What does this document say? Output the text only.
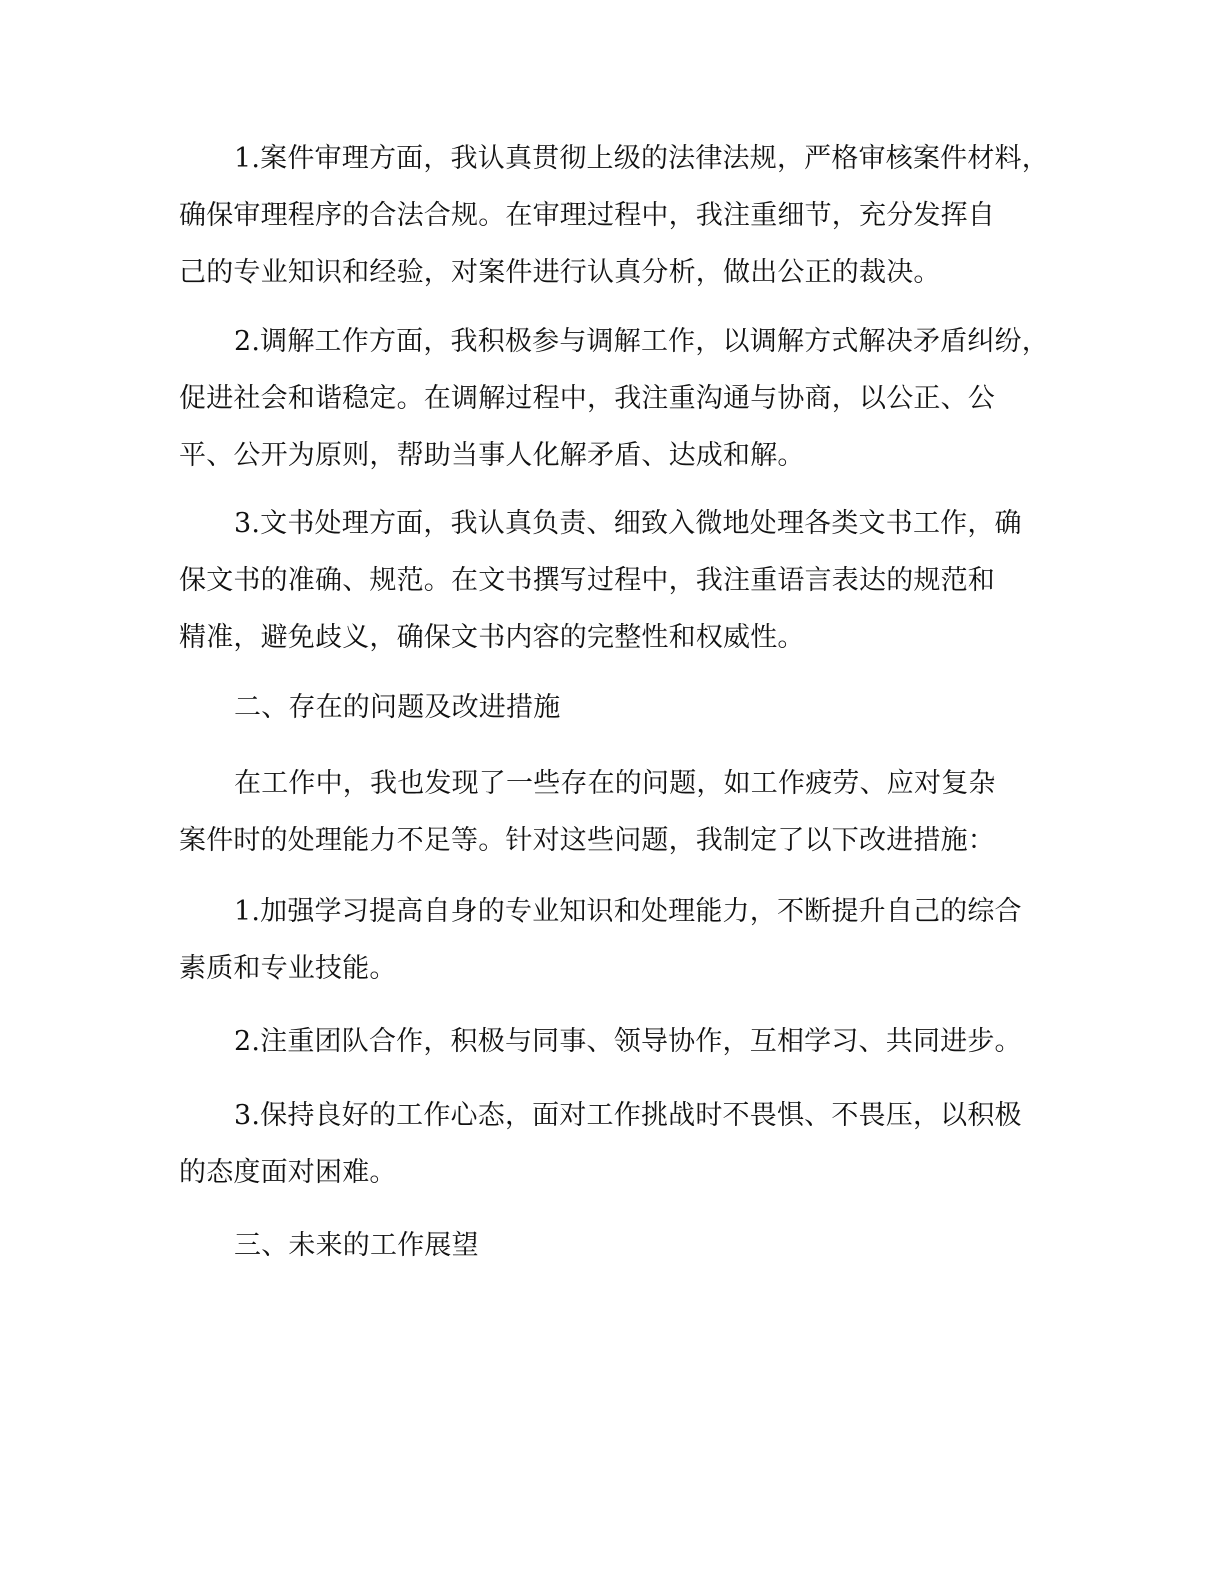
1.案件审理方面，我认真贯彻上级的法律法规，严格审核案件材料，
确保审理程序的合法合规。在审理过程中，我注重细节，充分发挥自
己的专业知识和经验，对案件进行认真分析，做出公正的裁决。

2.调解工作方面，我积极参与调解工作，以调解方式解决矛盾纠纷，
促进社会和谐稳定。在调解过程中，我注重沟通与协商，以公正、公
平、公开为原则，帮助当事人化解矛盾、达成和解。

3.文书处理方面，我认真负责、细致入微地处理各类文书工作，确
保文书的准确、规范。在文书撰写过程中，我注重语言表达的规范和
精准，避免歧义，确保文书内容的完整性和权威性。

二、存在的问题及改进措施

在工作中，我也发现了一些存在的问题，如工作疲劳、应对复杂
案件时的处理能力不足等。针对这些问题，我制定了以下改进措施：

1.加强学习提高自身的专业知识和处理能力，不断提升自己的综合
素质和专业技能。

2.注重团队合作，积极与同事、领导协作，互相学习、共同进步。

3.保持良好的工作心态，面对工作挑战时不畏惧、不畏压，以积极
的态度面对困难。

三、未来的工作展望
